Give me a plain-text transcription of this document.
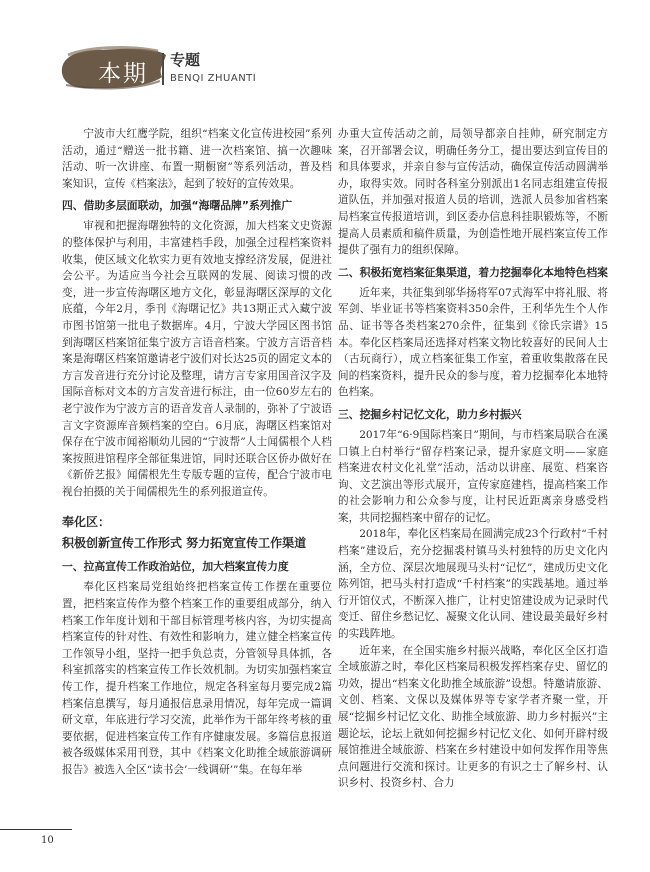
本期
专题
BENQI ZHUANTI

宁波市大红鹰学院，组织“档案文化宣传进校园”系列活动，通过“赠送一批书籍、进一次档案馆、搞一次趣味活动、听一次讲座、布置一期橱窗”等系列活动，普及档案知识，宣传《档案法》，起到了较好的宣传效果。

四、借助多层面联动，加强“海曙品牌”系列推广

审视和把握海曙独特的文化资源，加大档案文史资源的整体保护与利用，丰富建档手段，加强全过程档案资料收集，使区域文化软实力更有效地支撑经济发展，促进社会公平。为适应当今社会互联网的发展、阅读习惯的改变，进一步宣传海曙区地方文化，彰显海曙区深厚的文化底蕴，今年2月，季刊《海曙记忆》共13期正式入藏宁波市图书馆第一批电子数据库。4月，宁波大学园区图书馆到海曙区档案馆征集宁波方言语音档案。宁波方言语音档案是海曙区档案馆邀请老宁波们对长达25页的固定文本的方言发音进行充分讨论及整理，请方言专家用国音汉字及国际音标对文本的方言发音进行标注，由一位60岁左右的老宁波作为宁波方言的语音发音人录制的，弥补了宁波语言文字资源库音频档案的空白。6月底，海曙区档案馆对保存在宁波市闻裕顺幼儿园的“宁波帮”人士闻儒根个人档案按照进馆程序全部征集进馆，同时还联合区侨办做好在《新侨艺报》闻儒根先生专版专题的宣传，配合宁波市电视台拍摄的关于闻儒根先生的系列报道宣传。

奉化区：
积极创新宣传工作形式 努力拓宽宣传工作渠道
一、拉高宣传工作政治站位，加大档案宣传力度

奉化区档案局党组始终把档案宣传工作摆在重要位置，把档案宣传作为整个档案工作的重要组成部分，纳入档案工作年度计划和干部目标管理考核内容，为切实提高档案宣传的针对性、有效性和影响力，建立健全档案宣传工作领导小组，坚持一把手负总责，分管领导具体抓，各科室抓落实的档案宣传工作长效机制。为切实加强档案宣传工作，提升档案工作地位，规定各科室每月要完成2篇档案信息撰写，每月通报信息录用情况，每年完成一篇调研文章，年底进行学习交流，此举作为干部年终考核的重要依据，促进档案宣传工作有序健康发展。多篇信息报道被各级媒体采用刊登，其中《档案文化助推全域旅游调研报告》被选入全区“读书会’一线调研’”集。在每年举

办重大宣传活动之前，局领导都亲自挂帅，研究制定方案，召开部署会议，明确任务分工，提出要达到宣传目的和具体要求，并亲自参与宣传活动，确保宣传活动圆满举办，取得实效。同时各科室分别派出1名同志组建宣传报道队伍，并加强对报道人员的培训，选派人员参加省档案局档案宣传报道培训，到区委办信息科挂职锻炼等，不断提高人员素质和稿件质量，为创造性地开展档案宣传工作提供了强有力的组织保障。

二、积极拓宽档案征集渠道，着力挖掘奉化本地特色档案

近年来，共征集到邬华扬将军07式海军中将礼服、将军剑、毕业证书等档案资料350余件，王利华先生个人作品、证书等各类档案270余件，征集到《徐氏宗谱》15本。奉化区档案局还选择对档案文物比较喜好的民间人士（古玩商行），成立档案征集工作室，着重收集散落在民间的档案资料，提升民众的参与度，着力挖掘奉化本地特色档案。

三、挖掘乡村记忆文化，助力乡村振兴

2017年“6·9国际档案日”期间，与市档案局联合在溪口镇上白村举行“留存档案记录，提升家庭文明——家庭档案进农村文化礼堂”活动，活动以讲座、展览、档案咨询、文艺演出等形式展开，宣传家庭建档，提高档案工作的社会影响力和公众参与度，让村民近距离亲身感受档案，共同挖掘档案中留存的记忆。

2018年，奉化区档案局在圆满完成23个行政村“千村档案”建设后，充分挖掘裘村镇马头村独特的历史文化内涵，全方位、深层次地展现马头村“记忆”，建成历史文化陈列馆，把马头村打造成“千村档案”的实践基地。通过举行开馆仪式，不断深入推广，让村史馆建设成为记录时代变迁、留住乡愁记忆、凝聚文化认同、建设最美最好乡村的实践阵地。

近年来，在全国实施乡村振兴战略，奉化区全区打造全域旅游之时，奉化区档案局积极发挥档案存史、留忆的功效，提出“档案文化助推全域旅游”设想。特邀请旅游、文创、档案、文保以及媒体界等专家学者齐聚一堂，开展“挖掘乡村记忆文化、助推全域旅游、助力乡村振兴”主题论坛，论坛上就如何挖掘乡村记忆文化、如何开辟村级展馆推进全域旅游、档案在乡村建设中如何发挥作用等焦点问题进行交流和探讨。让更多的有识之士了解乡村、认识乡村、投资乡村、合力

10
